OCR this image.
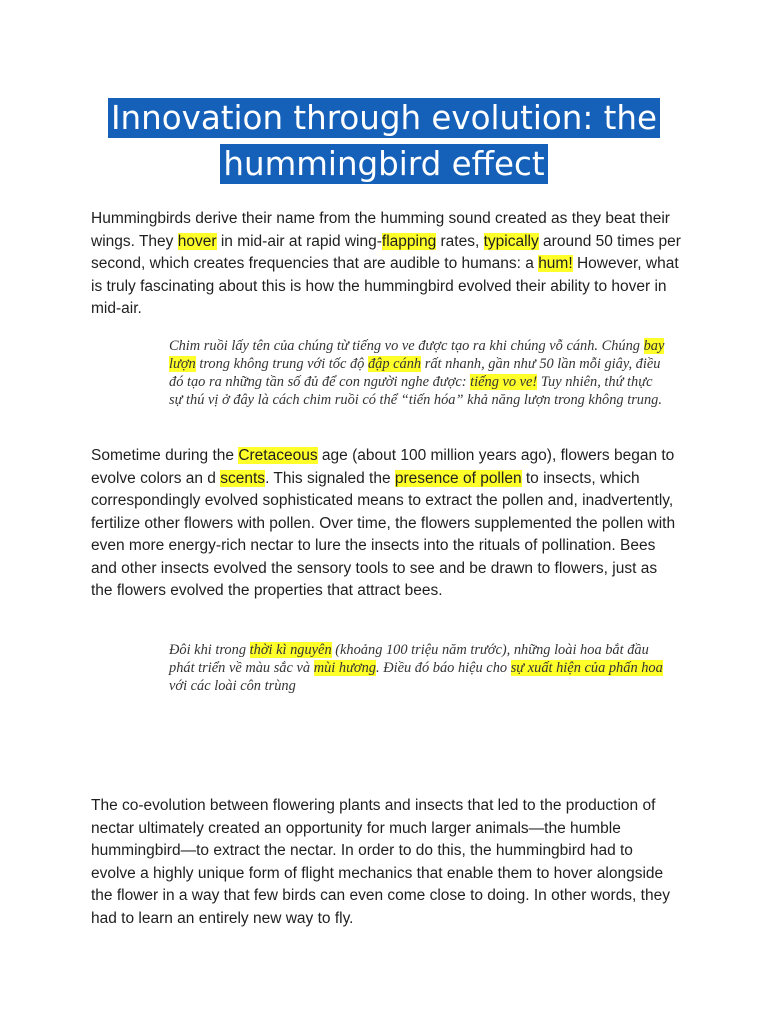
Innovation through evolution: the
hummingbird effect

Hummingbirds derive their name from the humming sound created as they beat their wings. They hover in mid-air at rapid wing-flapping rates, typically around 50 times per second, which creates frequencies that are audible to humans: a hum! However, what is truly fascinating about this is how the hummingbird evolved their ability to hover in mid-air.

Chim ruồi lấy tên của chúng từ tiếng vo ve được tạo ra khi chúng vỗ cánh. Chúng bay lượn trong không trung với tốc độ đập cánh rất nhanh, gần như 50 lần mỗi giây, điều đó tạo ra những tần số đủ để con người nghe được: tiếng vo ve! Tuy nhiên, thứ thực sự thú vị ở đây là cách chim ruồi có thể “tiến hóa” khả năng lượn trong không trung.

Sometime during the Cretaceous age (about 100 million years ago), flowers began to evolve colors an d scents. This signaled the presence of pollen to insects, which correspondingly evolved sophisticated means to extract the pollen and, inadvertently, fertilize other flowers with pollen. Over time, the flowers supplemented the pollen with even more energy-rich nectar to lure the insects into the rituals of pollination. Bees and other insects evolved the sensory tools to see and be drawn to flowers, just as the flowers evolved the properties that attract bees.

Đôi khi trong thời kì nguyên (khoảng 100 triệu năm trước), những loài hoa bắt đầu phát triển về màu sắc và mùi hương. Điều đó báo hiệu cho sự xuất hiện của phấn hoa với các loài côn trùng

The co-evolution between flowering plants and insects that led to the production of nectar ultimately created an opportunity for much larger animals—the humble hummingbird—to extract the nectar. In order to do this, the hummingbird had to evolve a highly unique form of flight mechanics that enable them to hover alongside the flower in a way that few birds can even come close to doing. In other words, they had to learn an entirely new way to fly.
